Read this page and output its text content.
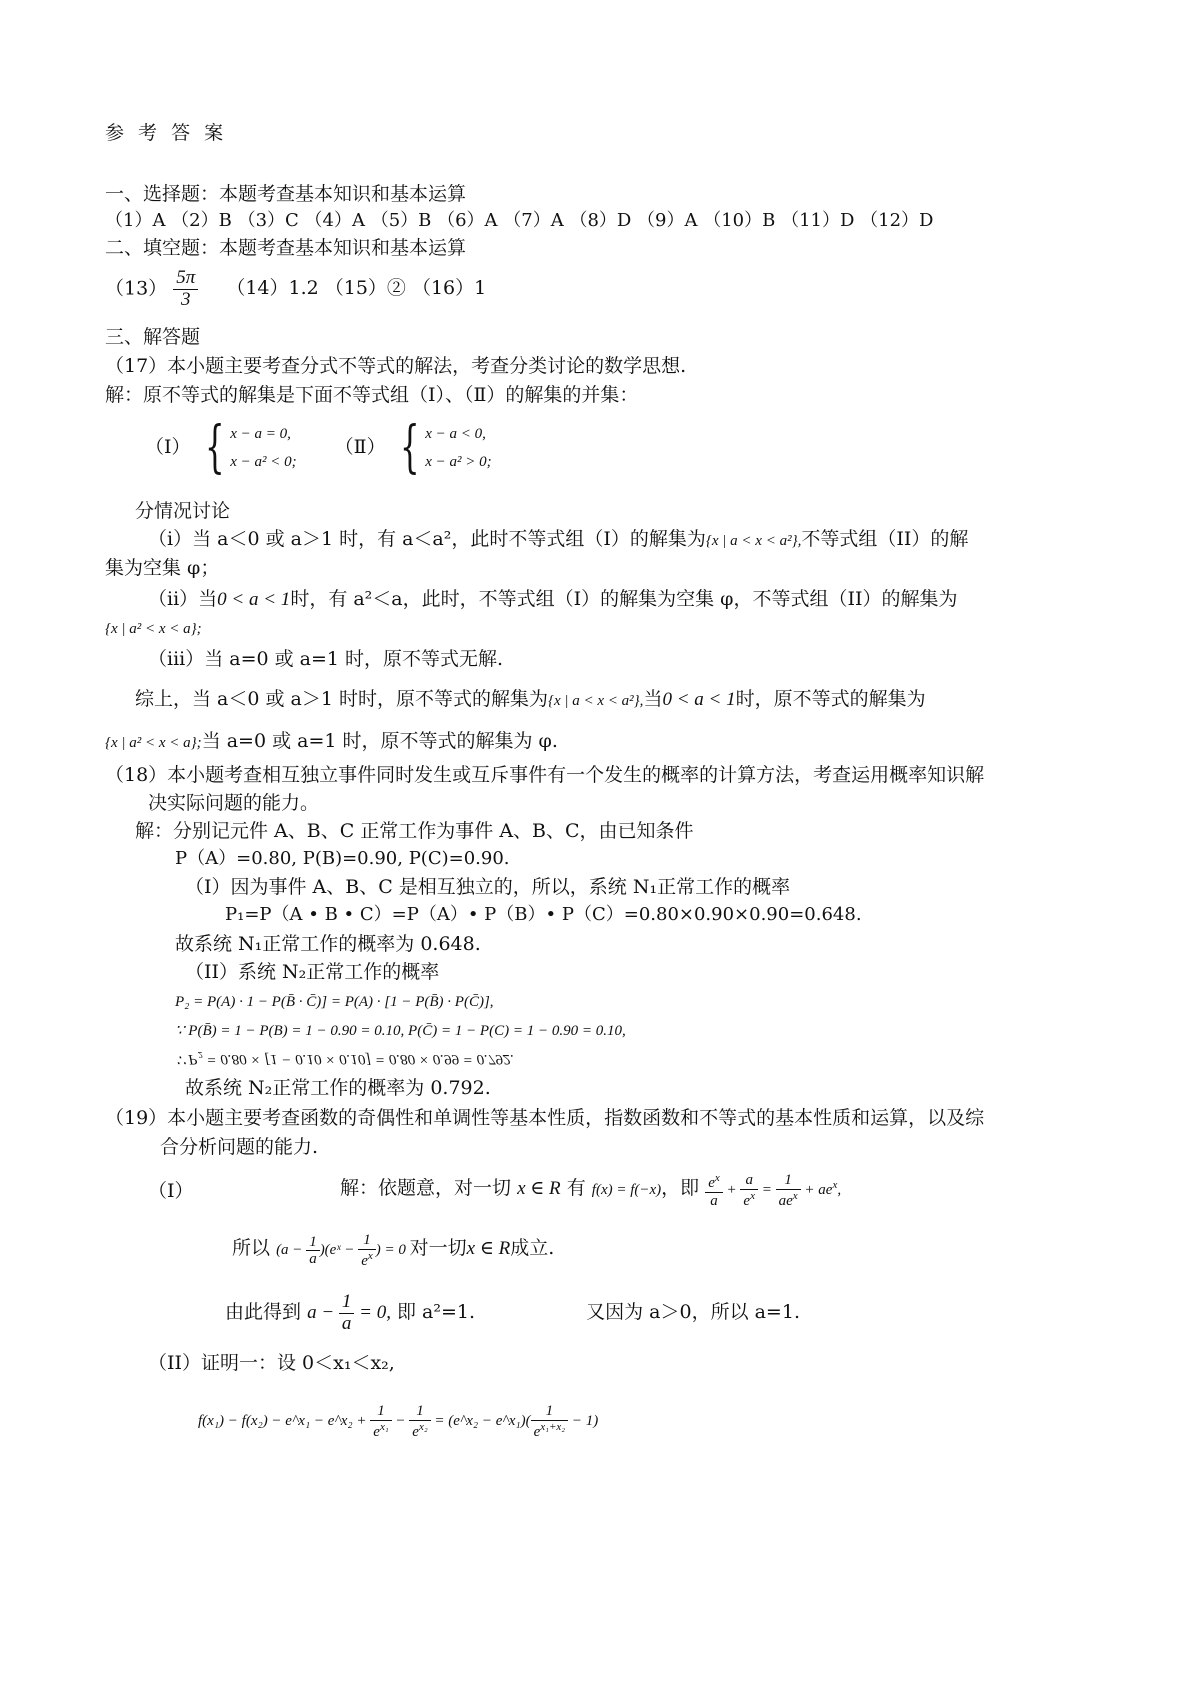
参 考 答 案
一、选择题：本题考查基本知识和基本运算
（1）A （2）B （3）C （4）A （5）B （6）A （7）A （8）D （9）A （10）B （11）D （12）D
二、填空题：本题考查基本知识和基本运算
$(13) \frac{5\pi}{3} (14)1.2$ （15）② （16）1
三、解答题
（17）本小题主要考查分式不等式的解法，考查分类讨论的数学思想.
解：原不等式的解集是下面不等式组（Ⅰ）、（Ⅱ）的解集的并集：
（Ⅰ） { x − a = 0,
x − a² < 0;
（Ⅱ） { x − a < 0,
x − a² > 0;
分情况讨论
（i）当 a＜0 或 a＞1 时，有 a＜a²，此时不等式组（I）的解集为{x | a < x < a²},不等式组（II）的解
集为空集 φ；
（ii）当0 < a < 1时，有 a²＜a，此时，不等式组（I）的解集为空集 φ，不等式组（II）的解集为
{x | a² < x < a};
（iii）当 a=0 或 a=1 时，原不等式无解.
综上，当 a＜0 或 a＞1 时时，原不等式的解集为{x | a < x < a²},当0 < a < 1时，原不等式的解集为
{x | a² < x < a};当 a=0 或 a=1 时，原不等式的解集为 φ.
（18）本小题考查相互独立事件同时发生或互斥事件有一个发生的概率的计算方法，考查运用概率知识解
决实际问题的能力。
解：分别记元件 A、B、C 正常工作为事件 A、B、C，由已知条件
P（A）=0.80, P(B)=0.90, P(C)=0.90.
（I）因为事件 A、B、C 是相互独立的，所以，系统 N₁正常工作的概率
P₁=P（A • B • C）=P（A）• P（B）• P（C）=0.80×0.90×0.90=0.648.
故系统 N₁正常工作的概率为 0.648.
（II）系统 N₂正常工作的概率
P₂ = P(A) · 1 − P(B̄ · C̄)] = P(A) · [1 − P(B̄) · P(C̄)],
∵ P(B̄) = 1 − P(B) = 1 − 0.90 = 0.10, P(C̄) = 1 − P(C) = 1 − 0.90 = 0.10,
∵ P₂ = 0.80 × [1 − 0.10 × 0.10] = 0.80 × 0.99 = 0.792.
故系统 N₂正常工作的概率为 0.792.
（19）本小题主要考查函数的奇偶性和单调性等基本性质，指数函数和不等式的基本性质和运算，以及综
合分析问题的能力.
（I）	解：依题意，对一切 x ∈ R 有 f(x) = f(−x)，即 $\frac{e^x}{a} + \frac{a}{e^x} = \frac{1}{ae^x} + ae^x$,
所以 ($a - \frac{1}{a}$ )(eˣ − $\frac{1}{e^x}$ ) = 0 对一切x ∈ R成立.
由此得到 $a - \frac{1}{a} = 0$, 即 a²=1.	又因为 a＞0，所以 a=1.
（II）证明一：设 0＜x₁＜x₂,
f(x₁) − f(x₂) − e^x₁ − e^x₂ + $\frac{1}{e^{x_1}} - \frac{1}{e^{x_2}}$ = (e^x₂ − e^x₁)( $\frac{1}{e^{x_1+x_2}} - 1$)
